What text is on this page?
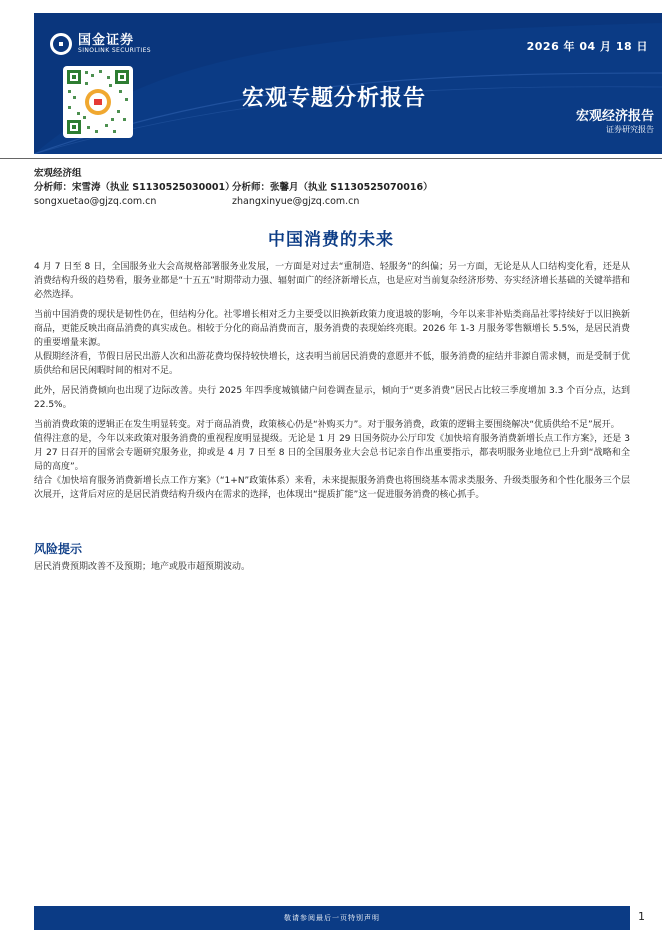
国金证券
SINOLINK SECURITIES	2026 年 04 月 18 日
宏观专题分析报告
宏观经济报告
证券研究报告
宏观经济组
分析师：宋雪涛（执业 S1130525030001）
分析师：张馨月（执业 S1130525070016）
songxuetao@gjzq.com.cn	zhangxinyue@gjzq.com.cn
中国消费的未来

4 月 7 日至 8 日，全国服务业大会高规格部署服务业发展，一方面是对过去“重制造、轻服务”的纠偏；另一方面，无论是从人口结构变化看，还是从消费结构升级的趋势看，服务业都是“十五五”时期带动力强、辐射面广的经济新增长点，也是应对当前复杂经济形势、夯实经济增长基础的关键举措和必然选择。

当前中国消费的现状是韧性仍在，但结构分化。社零增长相对乏力主要受以旧换新政策力度退坡的影响，今年以来非补贴类商品社零持续好于以旧换新商品，更能反映出商品消费的真实成色。相较于分化的商品消费而言，服务消费的表现始终亮眼。2026 年 1-3 月服务零售额增长 5.5%，是居民消费的重要增量来源。

从假期经济看，节假日居民出游人次和出游花费均保持较快增长，这表明当前居民消费的意愿并不低，服务消费的症结并非源自需求侧，而是受制于优质供给和居民闲暇时间的相对不足。

此外，居民消费倾向也出现了边际改善。央行 2025 年四季度城镇储户问卷调查显示，倾向于“更多消费”居民占比较三季度增加 3.3 个百分点，达到 22.5%。

当前消费政策的逻辑正在发生明显转变。对于商品消费，政策核心仍是“补购买力”。对于服务消费，政策的逻辑主要围绕解决“优质供给不足”展开。

值得注意的是，今年以来政策对服务消费的重视程度明显提级。无论是 1 月 29 日国务院办公厅印发《加快培育服务消费新增长点工作方案》，还是 3 月 27 日召开的国常会专题研究服务业，抑或是 4 月 7 日至 8 日的全国服务业大会总书记亲自作出重要指示，都表明服务业地位已上升到“战略和全局的高度”。

结合《加快培育服务消费新增长点工作方案》（“1+N”政策体系）来看，未来提振服务消费也将围绕基本需求类服务、升级类服务和个性化服务三个层次展开，这背后对应的是居民消费结构升级内在需求的选择，也体现出“提质扩能”这一促进服务消费的核心抓手。

风险提示
居民消费预期改善不及预期；地产或股市超预期波动。
敬请参阅最后一页特别声明	1
